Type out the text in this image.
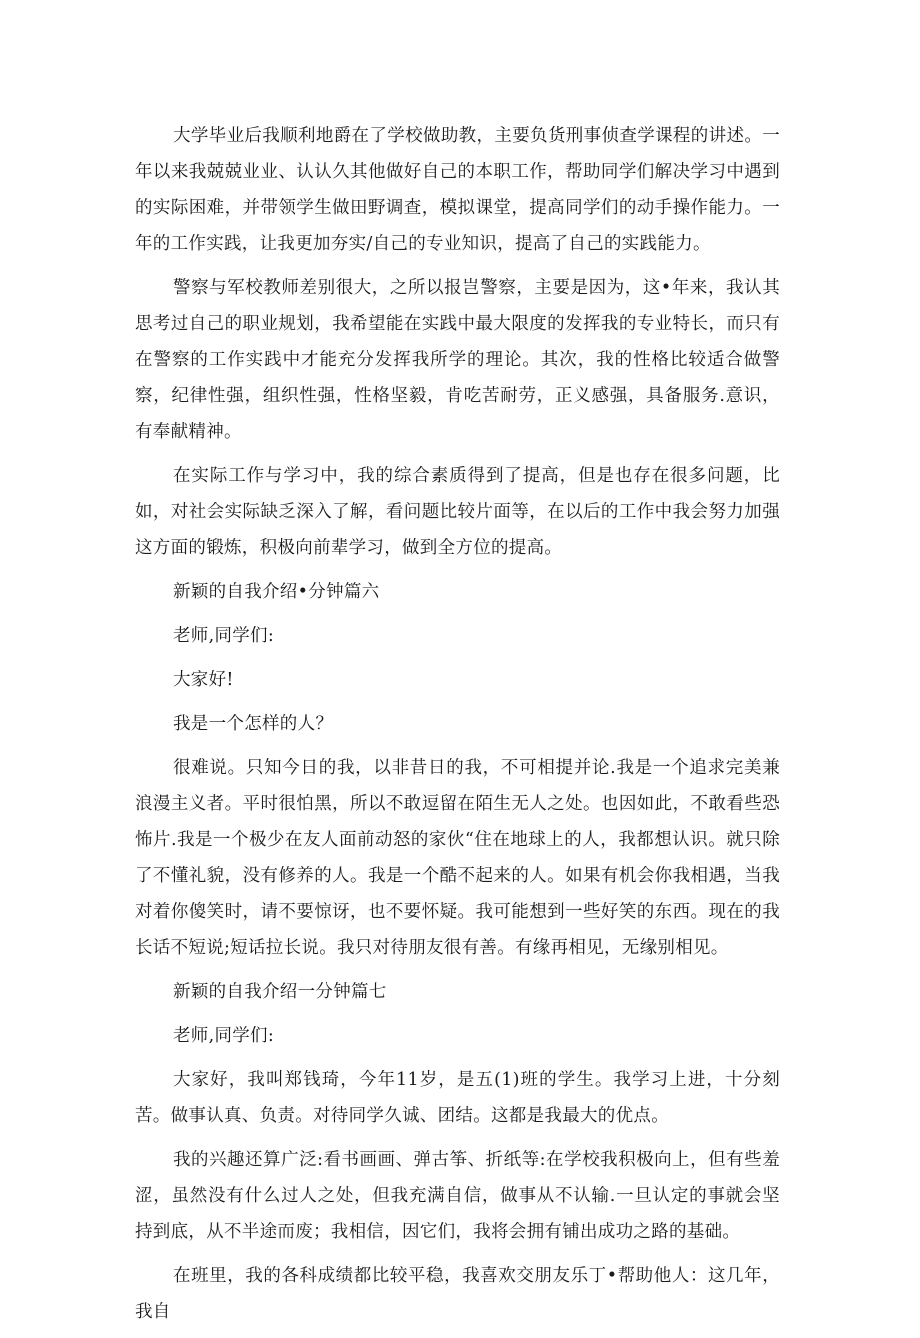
大学毕业后我顺利地爵在了学校做助教，主要负货刑事侦查学课程的讲述。一年以来我兢兢业业、认认久其他做好自己的本职工作，帮助同学们解决学习中遇到的实际困难，并带领学生做田野调查，模拟课堂，提高同学们的动手操作能力。一年的工作实践，让我更加夯实/自己的专业知识，提高了自己的实践能力。

警察与军校教师差别很大，之所以报岂警察，主要是因为，这•年来，我认其思考过自己的职业规划，我希望能在实践中最大限度的发挥我的专业特长，而只有在警察的工作实践中才能充分发挥我所学的理论。其次，我的性格比较适合做警察，纪律性强，组织性强，性格坚毅，肯吃苦耐劳，正义感强，具备服务.意识，有奉献精神。

在实际工作与学习中，我的综合素质得到了提高，但是也存在很多问题，比如，对社会实际缺乏深入了解，看问题比较片面等，在以后的工作中我会努力加强这方面的锻炼，积极向前辈学习，做到全方位的提高。

新颖的自我介绍•分钟篇六

老师,同学们:

大家好!

我是一个怎样的人？

很难说。只知今日的我，以非昔日的我，不可相提并论.我是一个追求完美兼浪漫主义者。平时很怕黑，所以不敢逗留在陌生无人之处。也因如此，不敢看些恐怖片.我是一个极少在友人面前动怒的家伙“住在地球上的人，我都想认识。就只除了不懂礼貌，没有修养的人。我是一个酷不起来的人。如果有机会你我相遇，当我对着你傻笑时，请不要惊讶，也不要怀疑。我可能想到一些好笑的东西。现在的我长话不短说;短话拉长说。我只对待朋友很有善。有缘再相见，无缘别相见。

新颖的自我介绍一分钟篇七

老师,同学们:

大家好，我叫郑钱琦，今年11岁，是五(1)班的学生。我学习上进，十分刻苦。做事认真、负责。对待同学久诚、团结。这都是我最大的优点。

我的兴趣还算广泛:看书画画、弹古筝、折纸等:在学校我积极向上，但有些羞涩，虽然没有什么过人之处，但我充满自信，做事从不认输.一旦认定的事就会坚持到底，从不半途而废；我相信，因它们，我将会拥有铺出成功之路的基础。

在班里，我的各科成绩都比较平稳，我喜欢交朋友乐丁•帮助他人：这几年，我自
